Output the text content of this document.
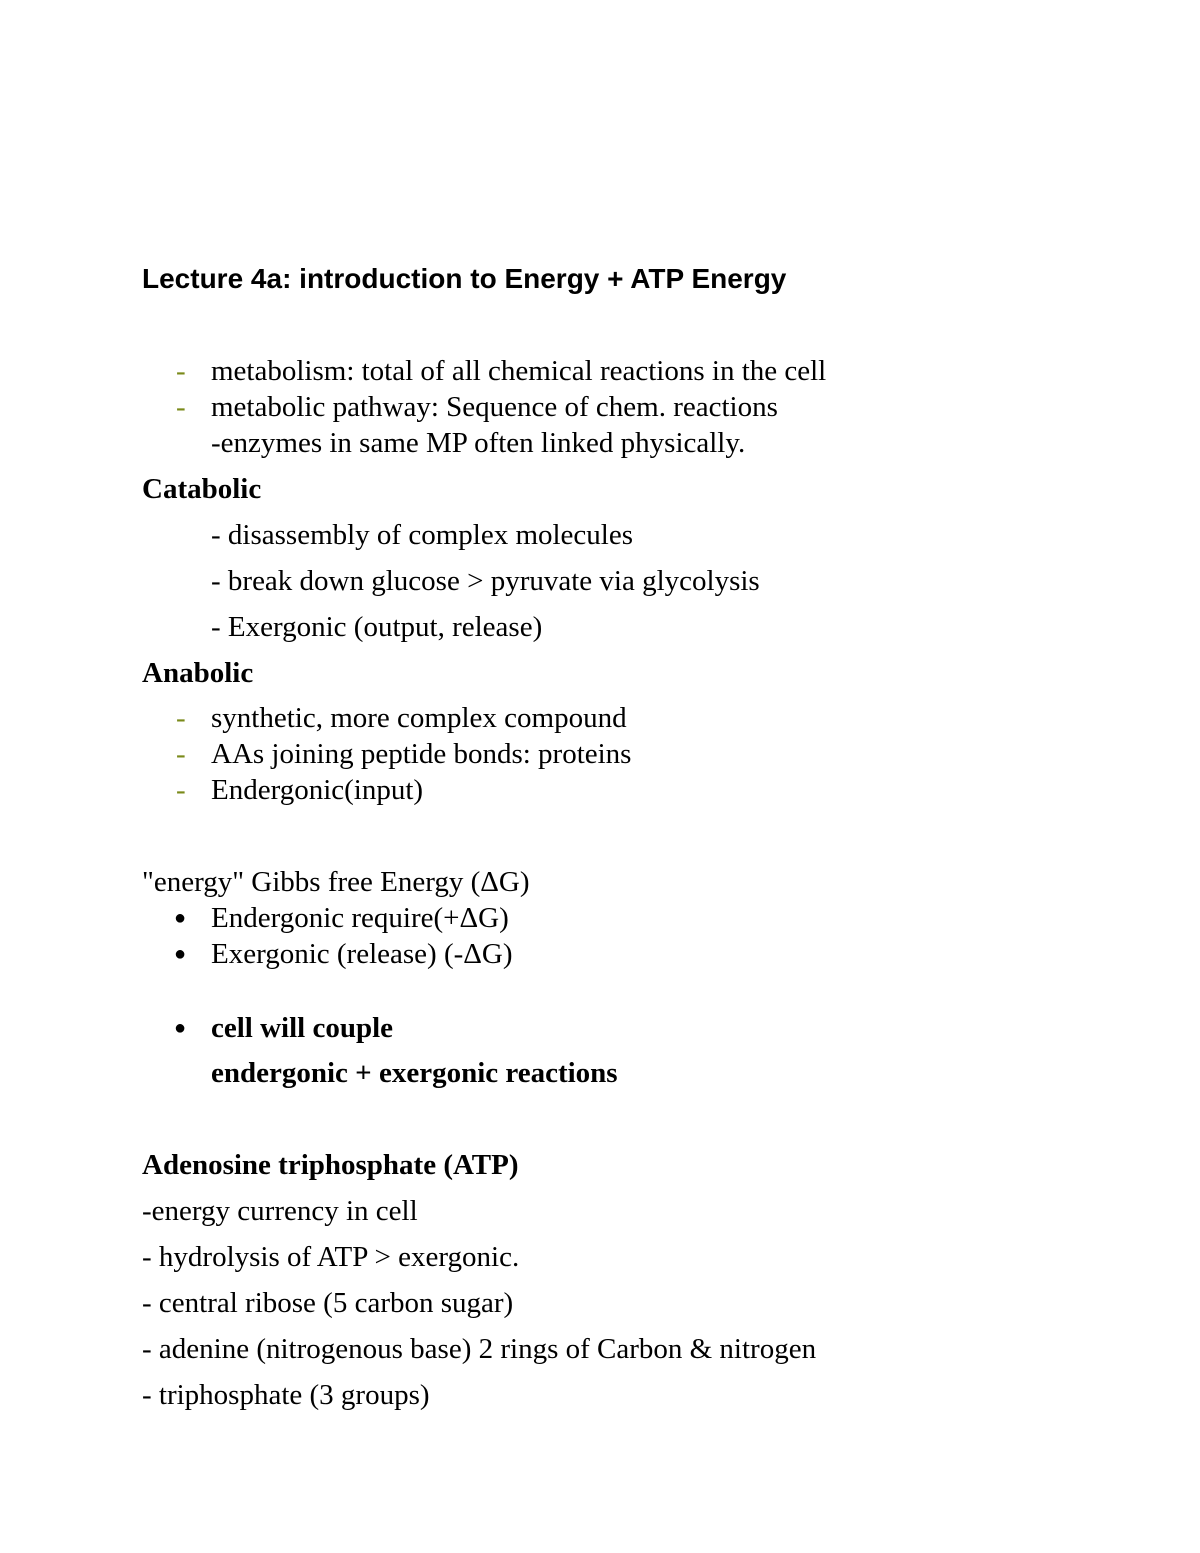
Lecture 4a: introduction to Energy + ATP Energy
- metabolism: total of all chemical reactions in the cell
- metabolic pathway: Sequence of chem. reactions
-enzymes in same MP often linked physically.
Catabolic
- disassembly of complex molecules
- break down glucose > pyruvate via glycolysis
- Exergonic (output, release)
Anabolic
- synthetic, more complex compound
- AAs joining peptide bonds: proteins
- Endergonic(input)
"energy" Gibbs free Energy (ΔG)
● Endergonic require(+ΔG)
● Exergonic (release) (-ΔG)
● cell will couple
endergonic + exergonic reactions
Adenosine triphosphate (ATP)
-energy currency in cell
- hydrolysis of ATP > exergonic.
- central ribose (5 carbon sugar)
- adenine (nitrogenous base) 2 rings of Carbon & nitrogen
- triphosphate (3 groups)
